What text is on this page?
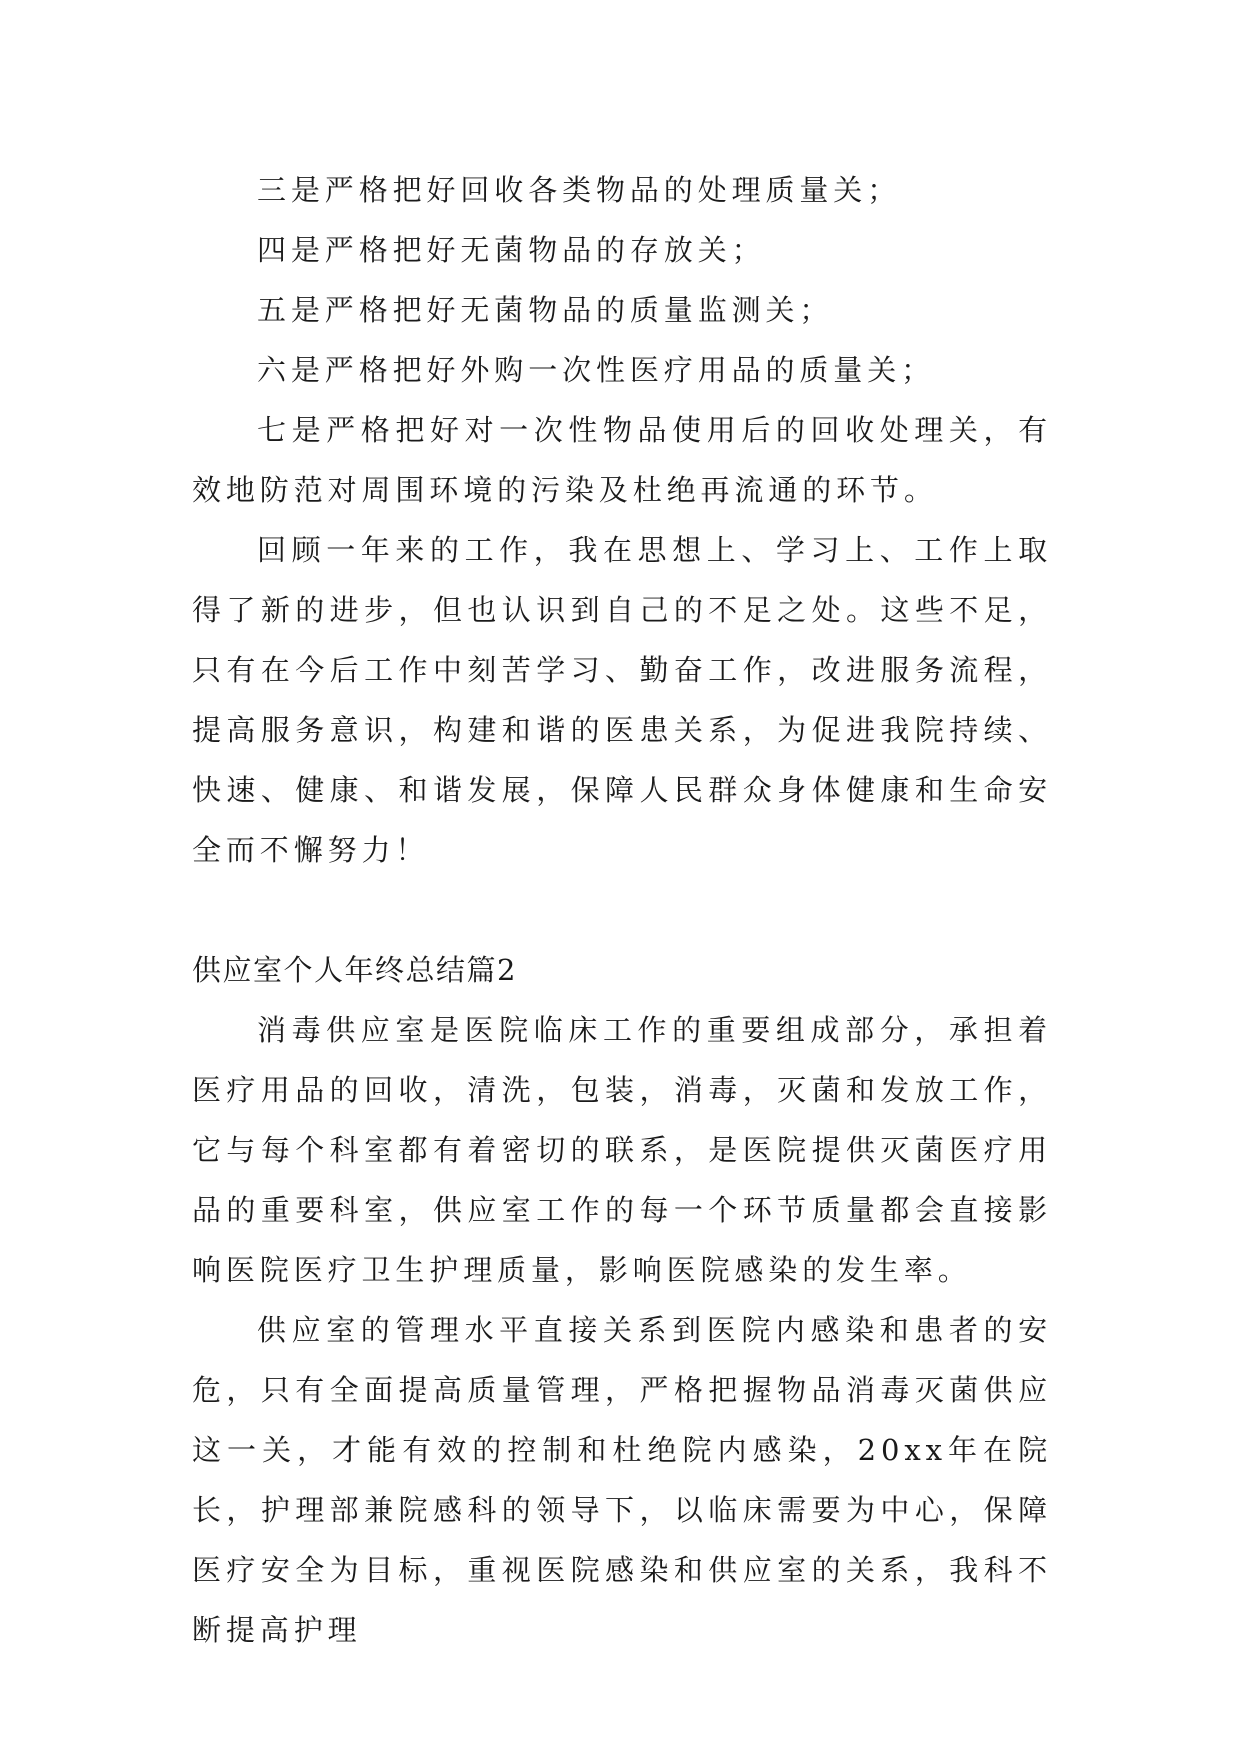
三是严格把好回收各类物品的处理质量关；

四是严格把好无菌物品的存放关；

五是严格把好无菌物品的质量监测关；

六是严格把好外购一次性医疗用品的质量关；

七是严格把好对一次性物品使用后的回收处理关，有效地防范对周围环境的污染及杜绝再流通的环节。

回顾一年来的工作，我在思想上、学习上、工作上取得了新的进步，但也认识到自己的不足之处。这些不足，只有在今后工作中刻苦学习、勤奋工作，改进服务流程，提高服务意识，构建和谐的医患关系，为促进我院持续、快速、健康、和谐发展，保障人民群众身体健康和生命安全而不懈努力！

供应室个人年终总结篇2

消毒供应室是医院临床工作的重要组成部分，承担着医疗用品的回收，清洗，包装，消毒，灭菌和发放工作，它与每个科室都有着密切的联系，是医院提供灭菌医疗用品的重要科室，供应室工作的每一个环节质量都会直接影响医院医疗卫生护理质量，影响医院感染的发生率。

供应室的管理水平直接关系到医院内感染和患者的安危，只有全面提高质量管理，严格把握物品消毒灭菌供应这一关，才能有效的控制和杜绝院内感染，20xx年在院长，护理部兼院感科的领导下，以临床需要为中心，保障医疗安全为目标，重视医院感染和供应室的关系，我科不断提高护理
